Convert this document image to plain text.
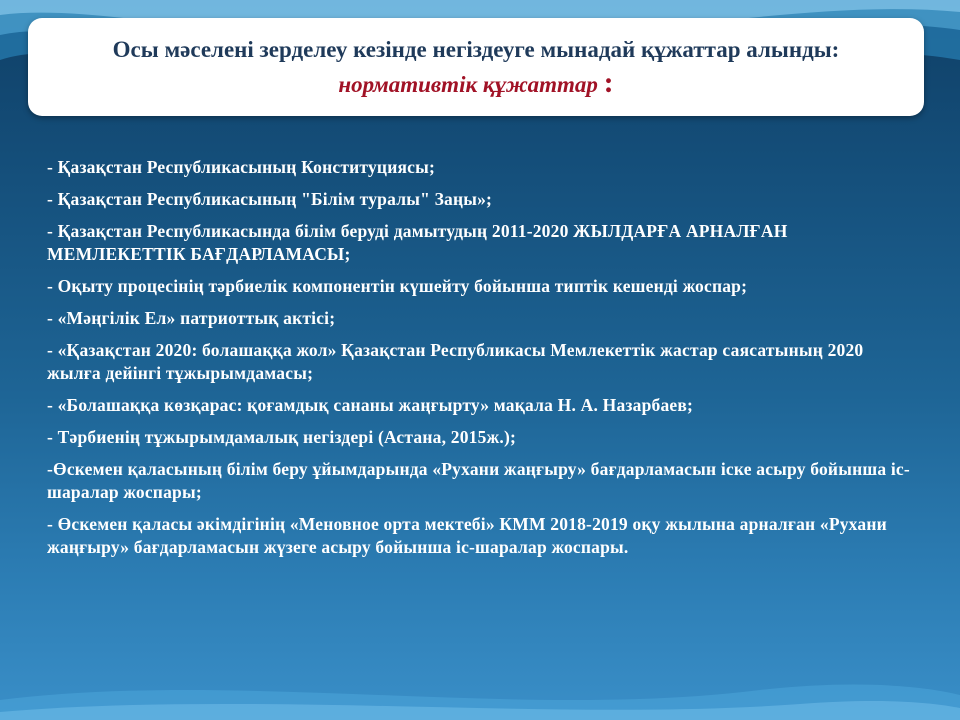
Осы мәселені зерделеу кезінде негіздеуге мынадай құжаттар алынды:
нормативтік құжаттар :
- Қазақстан Республикасының Конституциясы;
- Қазақстан Республикасының "Білім туралы" Заңы»;
- Қазақстан Республикасында білім беруді дамытудың 2011-2020 ЖЫЛДАРҒА АРНАЛҒАН МЕМЛЕКЕТТІК БАҒДАРЛАМАСЫ;
- Оқыту процесінің тәрбиелік компонентін күшейту бойынша типтік кешенді жоспар;
- «Мәңгілік Ел» патриоттық актісі;
- «Қазақстан 2020: болашаққа жол» Қазақстан Республикасы Мемлекеттік жастар саясатының 2020 жылға дейінгі тұжырымдамасы;
- «Болашаққа көзқарас: қоғамдық сананы жаңғырту» мақала Н. А. Назарбаев;
- Тәрбиенің тұжырымдамалық негіздері (Астана, 2015ж.);
-Өскемен қаласының білім беру ұйымдарында «Рухани жаңғыру» бағдарламасын іске асыру бойынша іс-шаралар жоспары;
- Өскемен қаласы әкімдігінің «Меновное орта мектебі» КММ 2018-2019 оқу жылына арналған «Рухани жаңғыру» бағдарламасын жүзеге асыру бойынша іс-шаралар жоспары.
